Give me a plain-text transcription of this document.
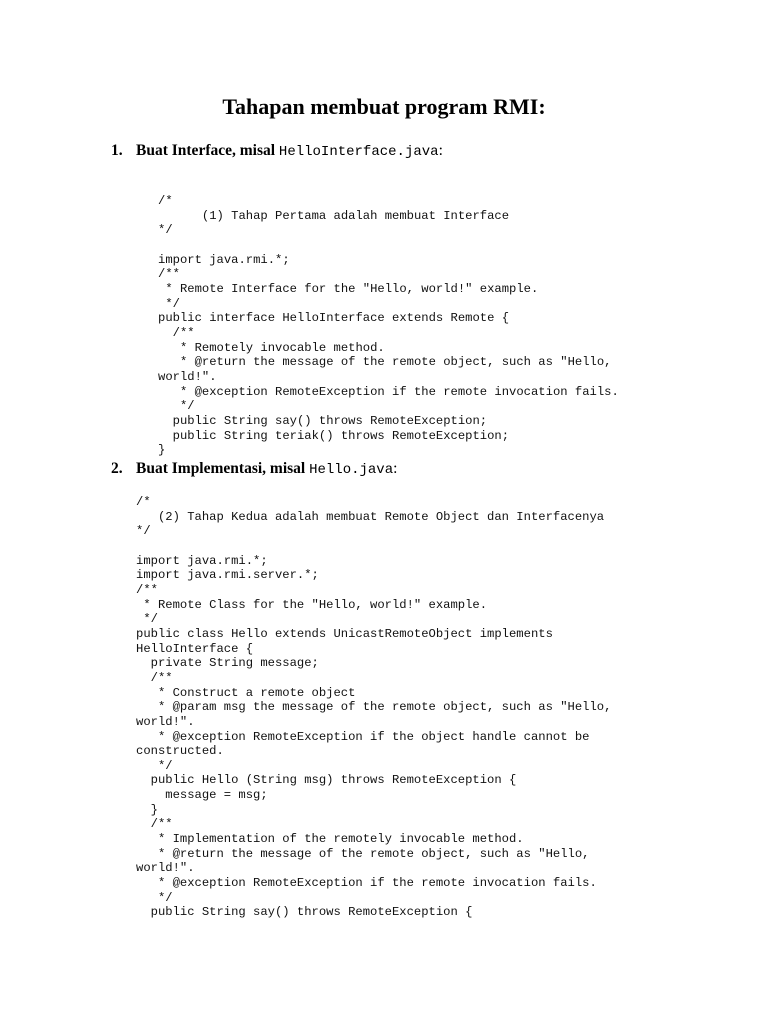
Tahapan membuat program RMI:

1. Buat Interface, misal HelloInterface.java:

/*
(1) Tahap Pertama adalah membuat Interface
*/

import java.rmi.*;
/**
* Remote Interface for the "Hello, world!" example.
*/
public interface HelloInterface extends Remote {
/**
* Remotely invocable method.
* @return the message of the remote object, such as "Hello,
world!".
* @exception RemoteException if the remote invocation fails.
*/
public String say() throws RemoteException;
public String teriak() throws RemoteException;
}

2. Buat Implementasi, misal Hello.java:

/*
(2) Tahap Kedua adalah membuat Remote Object dan Interfacenya
*/

import java.rmi.*;
import java.rmi.server.*;
/**
* Remote Class for the "Hello, world!" example.
*/
public class Hello extends UnicastRemoteObject implements
HelloInterface {
private String message;
/**
* Construct a remote object
* @param msg the message of the remote object, such as "Hello,
world!".
* @exception RemoteException if the object handle cannot be
constructed.
*/
public Hello (String msg) throws RemoteException {
message = msg;
}
/**
* Implementation of the remotely invocable method.
* @return the message of the remote object, such as "Hello,
world!".
* @exception RemoteException if the remote invocation fails.
*/
public String say() throws RemoteException {
